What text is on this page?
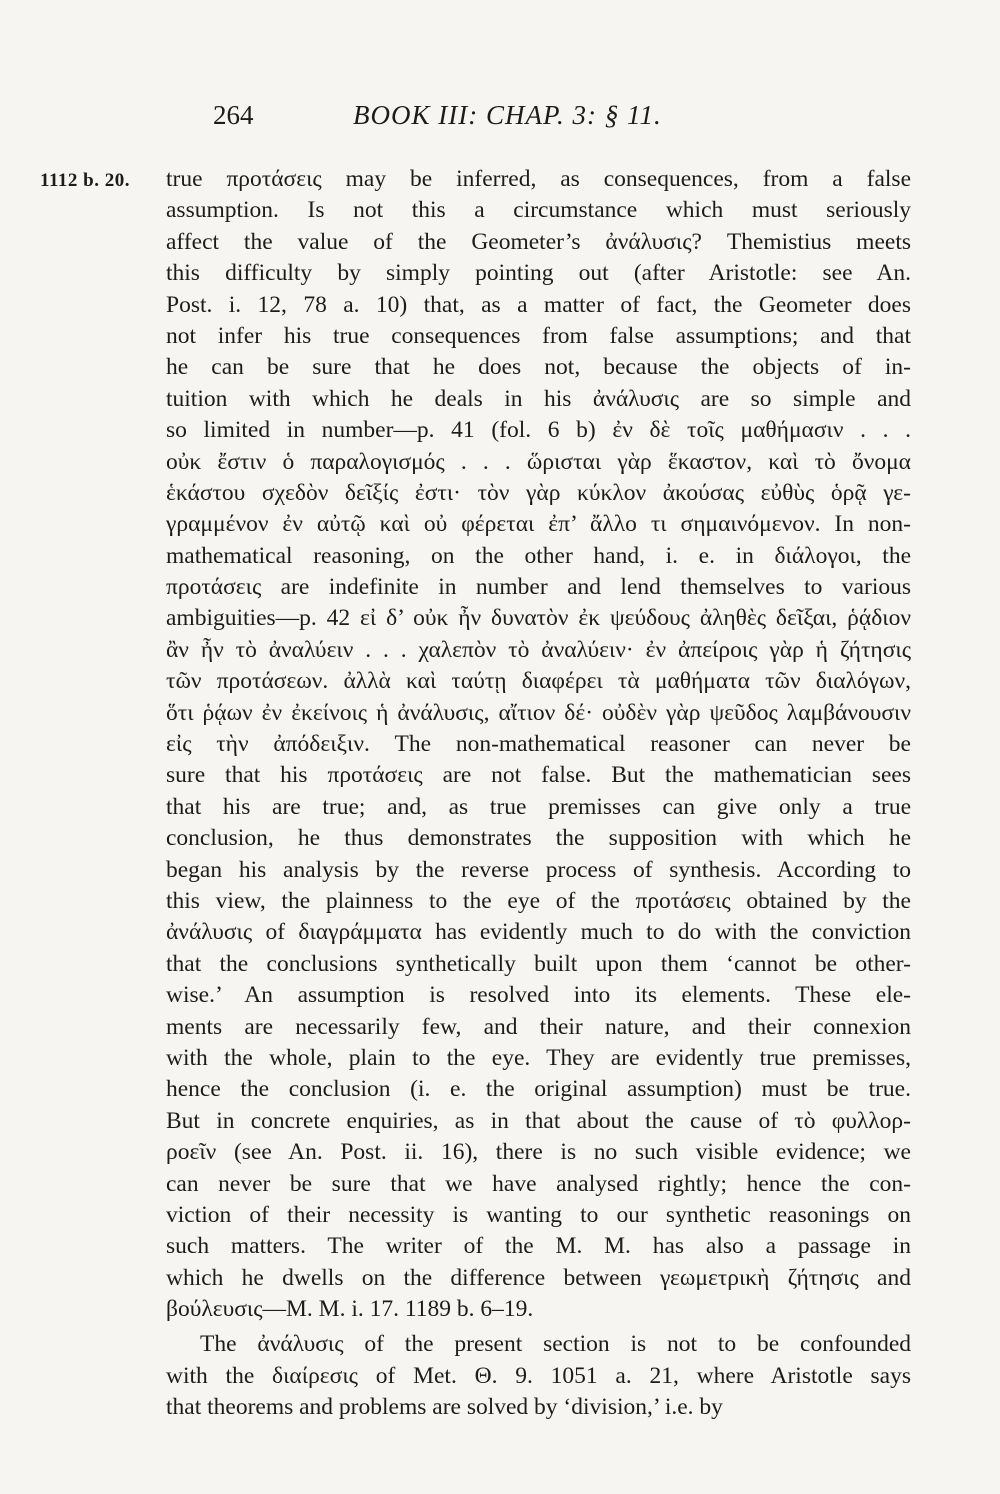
264	BOOK III: CHAP. 3: § 11.
1112 b. 20. true προτάσεις may be inferred, as consequences, from a false
assumption. Is not this a circumstance which must seriously
affect the value of the Geometer’s ἀνάλυσις? Themistius meets
this difficulty by simply pointing out (after Aristotle: see An.
Post. i. 12, 78 a. 10) that, as a matter of fact, the Geometer does
not infer his true consequences from false assumptions; and that
he can be sure that he does not, because the objects of in-
tuition with which he deals in his ἀνάλυσις are so simple and
so limited in number—p. 41 (fol. 6 b) ἐν δὲ τοῖς μαθήμασιν . . .
οὐκ ἔστιν ὁ παραλογισμός . . . ὥρισται γὰρ ἕκαστον, καὶ τὸ ὄνομα
ἑκάστου σχεδὸν δεῖξίς ἐστι· τὸν γὰρ κύκλον ἀκούσας εὐθὺς ὁρᾷ γε-
γραμμένον ἐν αὐτῷ καὶ οὐ φέρεται ἐπ’ ἄλλο τι σημαινόμενον. In non-
mathematical reasoning, on the other hand, i. e. in διάλογοι, the
προτάσεις are indefinite in number and lend themselves to various
ambiguities—p. 42 εἰ δ’ οὐκ ἦν δυνατὸν ἐκ ψεύδους ἀληθὲς δεῖξαι, ῥᾴδιον
ἂν ἦν τὸ ἀναλύειν . . . χαλεπὸν τὸ ἀναλύειν· ἐν ἀπείροις γὰρ ἡ ζήτησις
τῶν προτάσεων. ἀλλὰ καὶ ταύτῃ διαφέρει τὰ μαθήματα τῶν διαλόγων,
ὅτι ῥᾴων ἐν ἐκείνοις ἡ ἀνάλυσις, αἴτιον δέ· οὐδὲν γὰρ ψεῦδος λαμβάνουσιν
εἰς τὴν ἀπόδειξιν. The non-mathematical reasoner can never be
sure that his προτάσεις are not false. But the mathematician sees
that his are true; and, as true premisses can give only a true
conclusion, he thus demonstrates the supposition with which he
began his analysis by the reverse process of synthesis. According to
this view, the plainness to the eye of the προτάσεις obtained by the
ἀνάλυσις of διαγράμματα has evidently much to do with the conviction
that the conclusions synthetically built upon them ‘cannot be other-
wise.’ An assumption is resolved into its elements. These ele-
ments are necessarily few, and their nature, and their connexion
with the whole, plain to the eye. They are evidently true premisses,
hence the conclusion (i. e. the original assumption) must be true.
But in concrete enquiries, as in that about the cause of τὸ φυλλορ-
ροεῖν (see An. Post. ii. 16), there is no such visible evidence; we
can never be sure that we have analysed rightly; hence the con-
viction of their necessity is wanting to our synthetic reasonings on
such matters. The writer of the M. M. has also a passage in
which he dwells on the difference between γεωμετρικὴ ζήτησις and
βούλευσις—M. M. i. 17. 1189 b. 6–19.
The ἀνάλυσις of the present section is not to be confounded
with the διαίρεσις of Met. Θ. 9. 1051 a. 21, where Aristotle says
that theorems and problems are solved by ‘division,’ i.e. by
